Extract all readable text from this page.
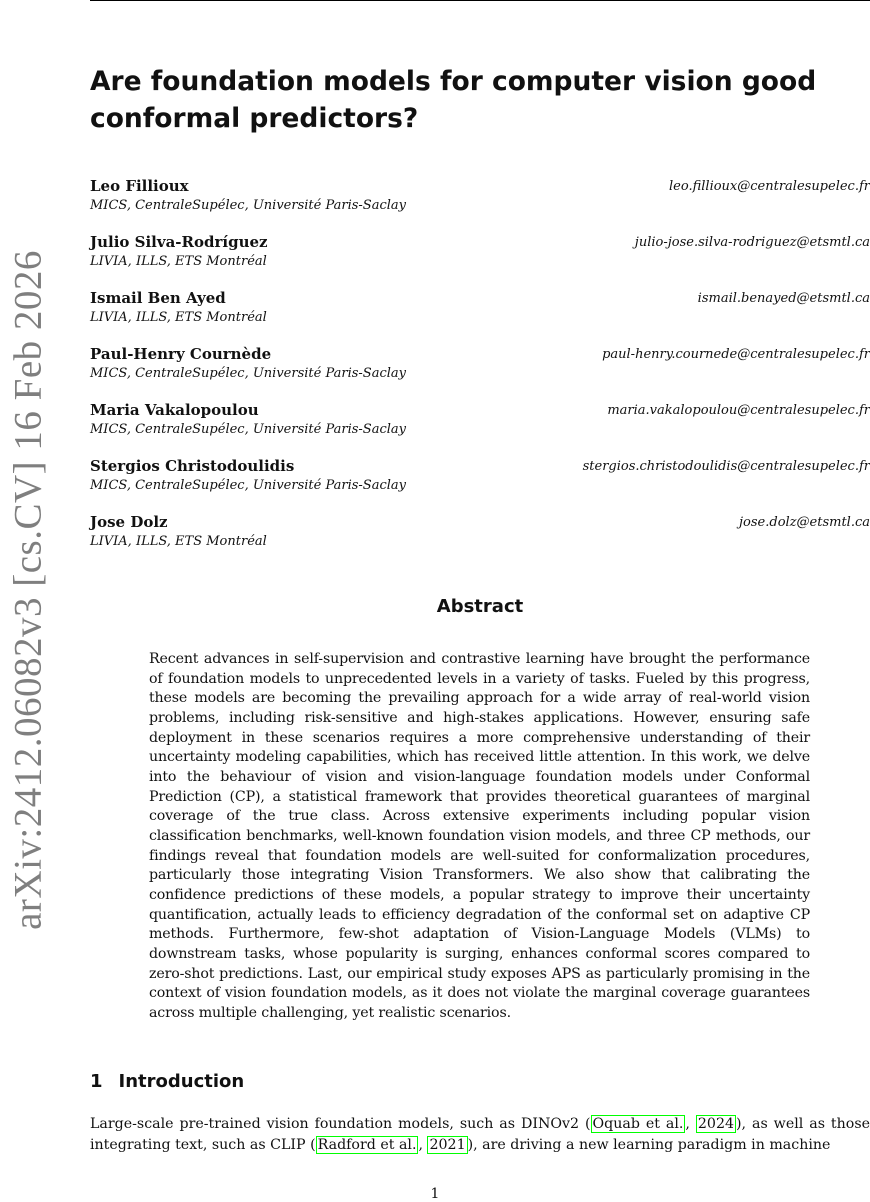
arXiv:2412.06082v3 [cs.CV] 16 Feb 2026
Are foundation models for computer vision good conformal predictors?
Leo Fillioux	leo.fillioux@centralesupelec.fr
MICS, CentraleSupélec, Université Paris-Saclay
Julio Silva-Rodríguez	julio-jose.silva-rodriguez@etsmtl.ca
LIVIA, ILLS, ETS Montréal
Ismail Ben Ayed	ismail.benayed@etsmtl.ca
LIVIA, ILLS, ETS Montréal
Paul-Henry Cournède	paul-henry.cournede@centralesupelec.fr
MICS, CentraleSupélec, Université Paris-Saclay
Maria Vakalopoulou	maria.vakalopoulou@centralesupelec.fr
MICS, CentraleSupélec, Université Paris-Saclay
Stergios Christodoulidis	stergios.christodoulidis@centralesupelec.fr
MICS, CentraleSupélec, Université Paris-Saclay
Jose Dolz	jose.dolz@etsmtl.ca
LIVIA, ILLS, ETS Montréal
Abstract

Recent advances in self-supervision and contrastive learning have brought the performance of foundation models to unprecedented levels in a variety of tasks. Fueled by this progress, these models are becoming the prevailing approach for a wide array of real-world vision problems, including risk-sensitive and high-stakes applications. However, ensuring safe deployment in these scenarios requires a more comprehensive understanding of their uncertainty modeling capabilities, which has received little attention. In this work, we delve into the behaviour of vision and vision-language foundation models under Conformal Prediction (CP), a statistical framework that provides theoretical guarantees of marginal coverage of the true class. Across extensive experiments including popular vision classification benchmarks, well-known foundation vision models, and three CP methods, our findings reveal that foundation models are well-suited for conformalization procedures, particularly those integrating Vision Transformers. We also show that calibrating the confidence predictions of these models, a popular strategy to improve their uncertainty quantification, actually leads to efficiency degradation of the conformal set on adaptive CP methods. Furthermore, few-shot adaptation of Vision-Language Models (VLMs) to downstream tasks, whose popularity is surging, enhances conformal scores compared to zero-shot predictions. Last, our empirical study exposes APS as particularly promising in the context of vision foundation models, as it does not violate the marginal coverage guarantees across multiple challenging, yet realistic scenarios.

1 Introduction

Large-scale pre-trained vision foundation models, such as DINOv2 ( Oquab et al. , 2024 ), as well as those integrating text, such as CLIP ( Radford et al. , 2021 ), are driving a new learning paradigm in machine

1
